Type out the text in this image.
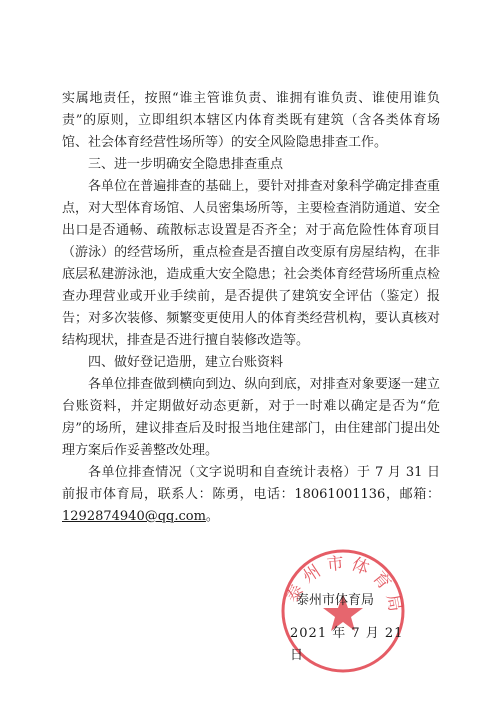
实属地责任，按照“谁主管谁负责、谁拥有谁负责、谁使用谁负责”的原则，立即组织本辖区内体育类既有建筑（含各类体育场馆、社会体育经营性场所等）的安全风险隐患排查工作。

三、进一步明确安全隐患排查重点

各单位在普遍排查的基础上，要针对排查对象科学确定排查重点，对大型体育场馆、人员密集场所等，主要检查消防通道、安全出口是否通畅、疏散标志设置是否齐全；对于高危险性体育项目（游泳）的经营场所，重点检查是否擅自改变原有房屋结构，在非底层私建游泳池，造成重大安全隐患；社会类体育经营场所重点检查办理营业或开业手续前，是否提供了建筑安全评估（鉴定）报告；对多次装修、频繁变更使用人的体育类经营机构，要认真核对结构现状，排查是否进行擅自装修改造等。

四、做好登记造册，建立台账资料

各单位排查做到横向到边、纵向到底，对排查对象要逐一建立台账资料，并定期做好动态更新，对于一时难以确定是否为“危房”的场所，建议排查后及时报当地住建部门，由住建部门提出处理方案后作妥善整改处理。

各单位排查情况（文字说明和自查统计表格）于 7 月 31 日前报市体育局，联系人：陈勇，电话：18061001136，邮箱：1292874940@qq.com。

泰州市体育局
泰州市体育局
2021 年 7 月 21 日
